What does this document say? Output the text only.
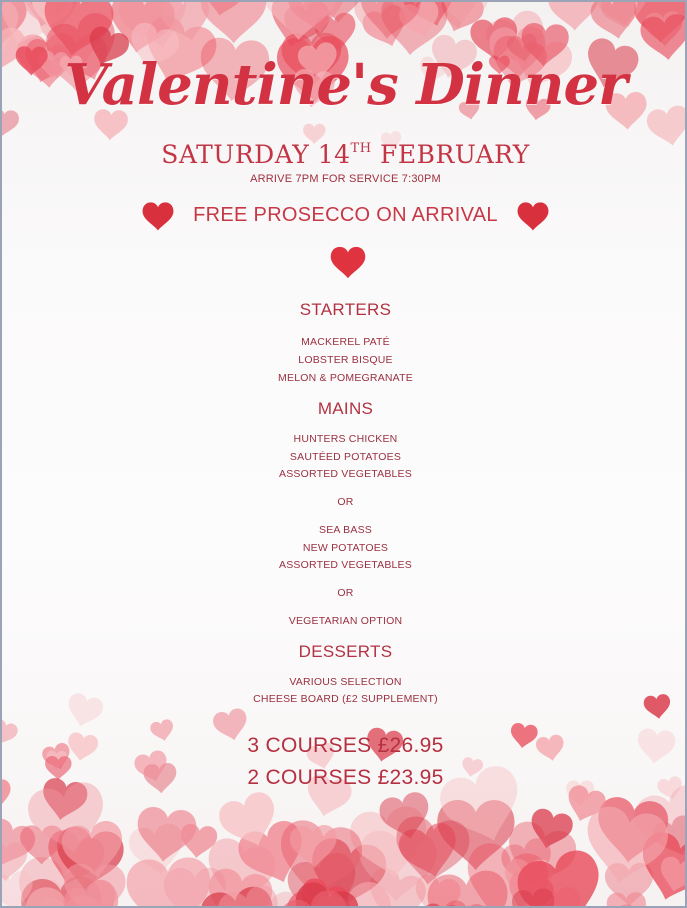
Valentine's Dinner
SATURDAY 14TH FEBRUARY
ARRIVE 7PM FOR SERVICE 7:30PM
FREE PROSECCO ON ARRIVAL
STARTERS
MACKEREL PATÉ
LOBSTER BISQUE
MELON & POMEGRANATE
MAINS
HUNTERS CHICKEN
SAUTÉED POTATOES
ASSORTED VEGETABLES
OR
SEA BASS
NEW POTATOES
ASSORTED VEGETABLES
OR
VEGETARIAN OPTION
DESSERTS
VARIOUS SELECTION
CHEESE BOARD (£2 SUPPLEMENT)
3 COURSES £26.95
2 COURSES £23.95
